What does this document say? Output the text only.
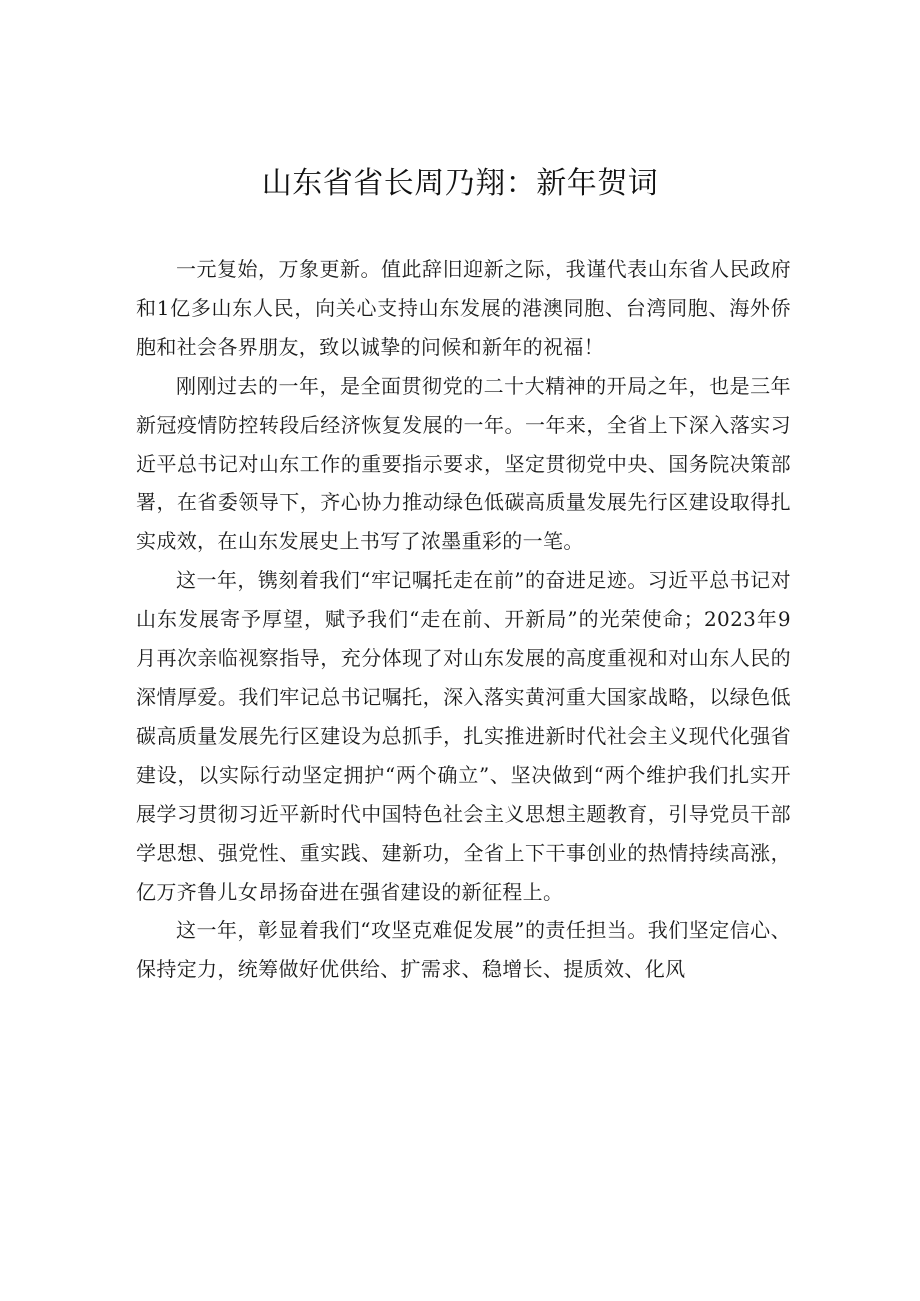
山东省省长周乃翔：新年贺词

一元复始，万象更新。值此辞旧迎新之际，我谨代表山东省人民政府和1亿多山东人民，向关心支持山东发展的港澳同胞、台湾同胞、海外侨胞和社会各界朋友，致以诚挚的问候和新年的祝福！

刚刚过去的一年，是全面贯彻党的二十大精神的开局之年，也是三年新冠疫情防控转段后经济恢复发展的一年。一年来，全省上下深入落实习近平总书记对山东工作的重要指示要求，坚定贯彻党中央、国务院决策部署，在省委领导下，齐心协力推动绿色低碳高质量发展先行区建设取得扎实成效，在山东发展史上书写了浓墨重彩的一笔。

这一年，镌刻着我们“牢记嘱托走在前”的奋进足迹。习近平总书记对山东发展寄予厚望，赋予我们“走在前、开新局”的光荣使命；2023年9月再次亲临视察指导，充分体现了对山东发展的高度重视和对山东人民的深情厚爱。我们牢记总书记嘱托，深入落实黄河重大国家战略，以绿色低碳高质量发展先行区建设为总抓手，扎实推进新时代社会主义现代化强省建设，以实际行动坚定拥护“两个确立”、坚决做到“两个维护我们扎实开展学习贯彻习近平新时代中国特色社会主义思想主题教育，引导党员干部学思想、强党性、重实践、建新功，全省上下干事创业的热情持续高涨，亿万齐鲁儿女昂扬奋进在强省建设的新征程上。

这一年，彰显着我们“攻坚克难促发展”的责任担当。我们坚定信心、保持定力，统筹做好优供给、扩需求、稳增长、提质效、化风
